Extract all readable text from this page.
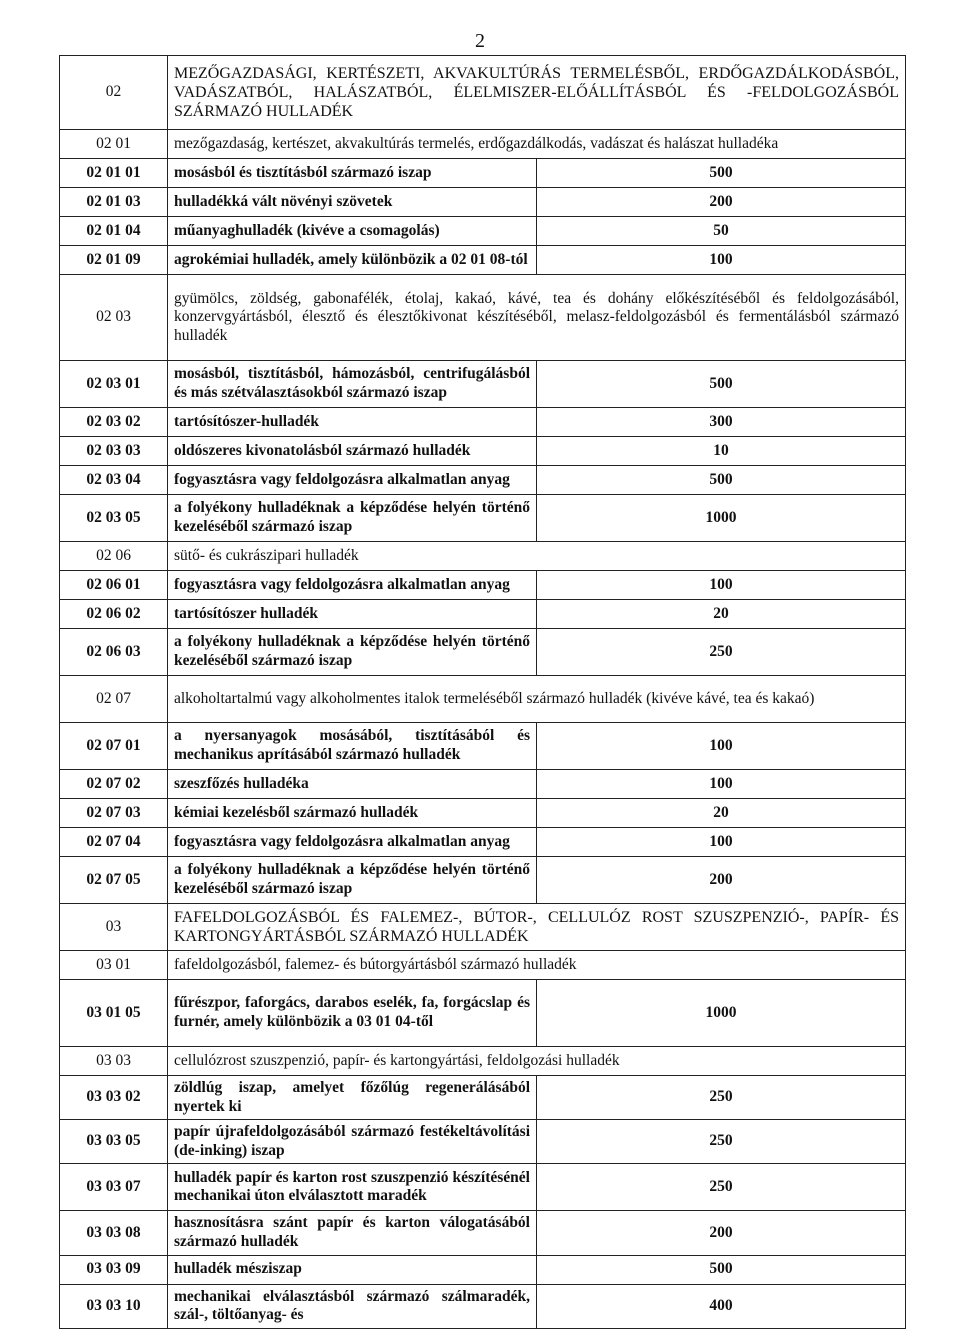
2
02	MEZŐGAZDASÁGI, KERTÉSZETI, AKVAKULTÚRÁS TERMELÉSBŐL, ERDŐGAZDÁLKODÁSBÓL, VADÁSZATBÓL, HALÁSZATBÓL, ÉLELMISZER-ELŐÁLLÍTÁSBÓL ÉS -FELDOLGOZÁSBÓL SZÁRMAZÓ HULLADÉK	
02 01	mezőgazdaság, kertészet, akvakultúrás termelés, erdőgazdálkodás, vadászat és halászat hulladéka	
02 01 01	mosásból és tisztításból származó iszap	500
02 01 03	hulladékká vált növényi szövetek	200
02 01 04	műanyaghulladék (kivéve a csomagolás)	50
02 01 09	agrokémiai hulladék, amely különbözik a 02 01 08-tól	100
02 03	gyümölcs, zöldség, gabonafélék, étolaj, kakaó, kávé, tea és dohány előkészítéséből és feldolgozásából, konzervgyártásból, élesztő és élesztőkivonat készítéséből, melasz-feldolgozásból és fermentálásból származó hulladék	
02 03 01	mosásból, tisztításból, hámozásból, centrifugálásból és más szétválasztásokból származó iszap	500
02 03 02	tartósítószer-hulladék	300
02 03 03	oldószeres kivonatolásból származó hulladék	10
02 03 04	fogyasztásra vagy feldolgozásra alkalmatlan anyag	500
02 03 05	a folyékony hulladéknak a képződése helyén történő kezeléséből származó iszap	1000
02 06	sütő- és cukrászipari hulladék	
02 06 01	fogyasztásra vagy feldolgozásra alkalmatlan anyag	100
02 06 02	tartósítószer hulladék	20
02 06 03	a folyékony hulladéknak a képződése helyén történő kezeléséből származó iszap	250
02 07	alkoholtartalmú vagy alkoholmentes italok termeléséből származó hulladék (kivéve kávé, tea és kakaó)	
02 07 01	a nyersanyagok mosásából, tisztításából és mechanikus aprításából származó hulladék	100
02 07 02	szeszfőzés hulladéka	100
02 07 03	kémiai kezelésből származó hulladék	20
02 07 04	fogyasztásra vagy feldolgozásra alkalmatlan anyag	100
02 07 05	a folyékony hulladéknak a képződése helyén történő kezeléséből származó iszap	200
03	FAFELDOLGOZÁSBÓL ÉS FALEMEZ-, BÚTOR-, CELLULÓZ ROST SZUSZPENZIÓ-, PAPÍR- ÉS KARTONGYÁRTÁSBÓL SZÁRMAZÓ HULLADÉK	
03 01	fafeldolgozásból, falemez- és bútorgyártásból származó hulladék	
03 01 05	fűrészpor, faforgács, darabos eselék, fa, forgácslap és furnér, amely különbözik a 03 01 04-től	1000
03 03	cellulózrost szuszpenzió, papír- és kartongyártási, feldolgozási hulladék	
03 03 02	zöldlúg iszap, amelyet főzőlúg regenerálásából nyertek ki	250
03 03 05	papír újrafeldolgozásából származó festékeltávolítási (de-inking) iszap	250
03 03 07	hulladék papír és karton rost szuszpenzió készítésénél mechanikai úton elválasztott maradék	250
03 03 08	hasznosításra szánt papír és karton válogatásából származó hulladék	200
03 03 09	hulladék mésziszap	500
03 03 10	mechanikai elválasztásból származó szálmaradék, szál-, töltőanyag- és	400
